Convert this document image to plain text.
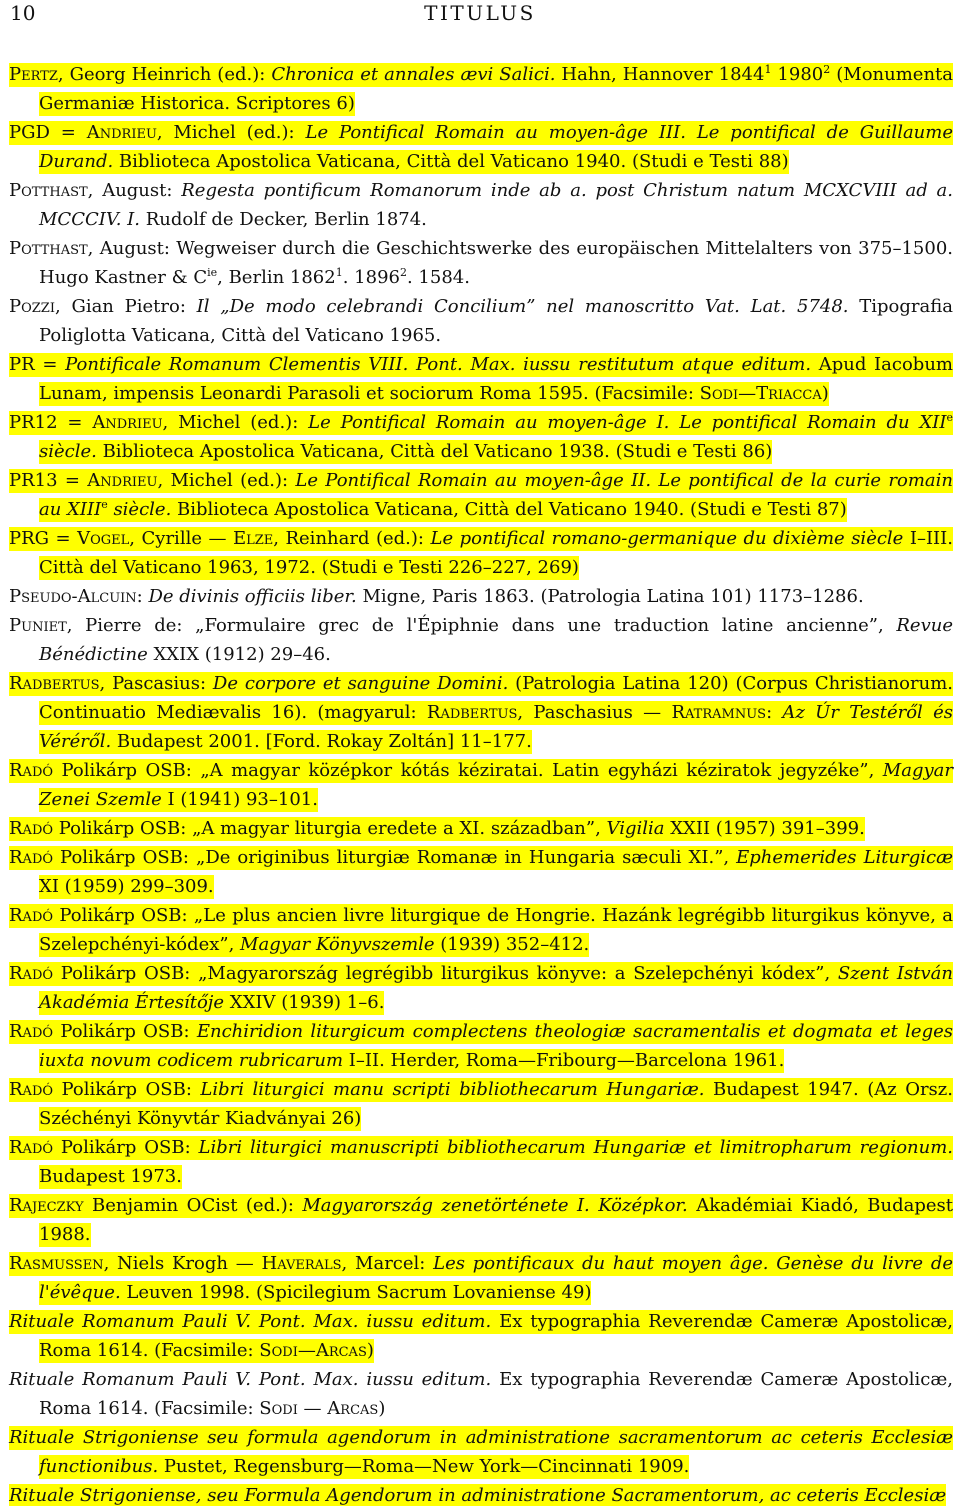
10	TITULUS

Pertz, Georg Heinrich (ed.): Chronica et annales ævi Salici. Hahn, Hannover 1844$^1$ 1980$^2$ (Monumenta Germaniæ Historica. Scriptores 6)

PGD = Andrieu, Michel (ed.): Le Pontifical Romain au moyen-âge III. Le pontifical de Guillaume Durand. Biblioteca Apostolica Vaticana, Città del Vaticano 1940. (Studi e Testi 88)

Potthast, August: Regesta pontificum Romanorum inde ab a. post Christum natum MCXCVIII ad a. MCCCIV. I. Rudolf de Decker, Berlin 1874.

Potthast, August: Wegweiser durch die Geschichtswerke des europäischen Mittelalters von 375–1500. Hugo Kastner & $C^{ie}$, Berlin 1862$^1$. 1896$^2$. 1584.

Pozzi, Gian Pietro: Il „De modo celebrandi Concilium” nel manoscritto Vat. Lat. 5748. Tipografia Poliglotta Vaticana, Città del Vaticano 1965.

PR = Pontificale Romanum Clementis VIII. Pont. Max. iussu restitutum atque editum. Apud Iacobum Lunam, impensis Leonardi Parasoli et sociorum Roma 1595. (Facsimile: Sodi—Triacca)

PR12 = Andrieu, Michel (ed.): Le Pontifical Romain au moyen-âge I. Le pontifical Romain du XIIe siècle. Biblioteca Apostolica Vaticana, Città del Vaticano 1938. (Studi e Testi 86)

PR13 = Andrieu, Michel (ed.): Le Pontifical Romain au moyen-âge II. Le pontifical de la curie romain au XIIIe siècle. Biblioteca Apostolica Vaticana, Città del Vaticano 1940. (Studi e Testi 87)

PRG = Vogel, Cyrille — Elze, Reinhard (ed.): Le pontifical romano-germanique du dixième siècle I–III. Città del Vaticano 1963, 1972. (Studi e Testi 226–227, 269)

Pseudo-Alcuin: De divinis officiis liber. Migne, Paris 1863. (Patrologia Latina 101) 1173–1286.

Puniet, Pierre de: „Formulaire grec de l'Épiphnie dans une traduction latine ancienne”, Revue Bénédictine XXIX (1912) 29–46.

Radbertus, Pascasius: De corpore et sanguine Domini. (Patrologia Latina 120) (Corpus Christianorum. Continuatio Mediævalis 16). (magyarul: Radbertus, Paschasius — Ratramnus: Az Úr Testéről és Véréről. Budapest 2001. [Ford. Rokay Zoltán] 11–177.

Radó Polikárp OSB: „A magyar középkor kótás kéziratai. Latin egyházi kéziratok jegyzéke”, Magyar Zenei Szemle I (1941) 93–101.

Radó Polikárp OSB: „A magyar liturgia eredete a XI. században”, Vigilia XXII (1957) 391–399.

Radó Polikárp OSB: „De originibus liturgiæ Romanæ in Hungaria sæculi XI.”, Ephemerides Liturgicæ XI (1959) 299–309.

Radó Polikárp OSB: „Le plus ancien livre liturgique de Hongrie. Hazánk legrégibb liturgikus könyve, a Szelepchényi-kódex”, Magyar Könyvszemle (1939) 352–412.

Radó Polikárp OSB: „Magyarország legrégibb liturgikus könyve: a Szelepchényi kódex”, Szent István Akadémia Értesítője XXIV (1939) 1–6.

Radó Polikárp OSB: Enchiridion liturgicum complectens theologiæ sacramentalis et dogmata et leges iuxta novum codicem rubricarum I–II. Herder, Roma—Fribourg—Barcelona 1961.

Radó Polikárp OSB: Libri liturgici manu scripti bibliothecarum Hungariæ. Budapest 1947. (Az Orsz. Széchényi Könyvtár Kiadványai 26)

Radó Polikárp OSB: Libri liturgici manuscripti bibliothecarum Hungariæ et limitropharum regionum. Budapest 1973.

Rajeczky Benjamin OCist (ed.): Magyarország zenetörténete I. Középkor. Akadémiai Kiadó, Budapest 1988.

Rasmussen, Niels Krogh — Haverals, Marcel: Les pontificaux du haut moyen âge. Genèse du livre de l'évêque. Leuven 1998. (Spicilegium Sacrum Lovaniense 49)

Rituale Romanum Pauli V. Pont. Max. iussu editum. Ex typographia Reverendæ Cameræ Apostolicæ, Roma 1614. (Facsimile: Sodi—Arcas)

Rituale Romanum Pauli V. Pont. Max. iussu editum. Ex typographia Reverendæ Cameræ Apostolicæ, Roma 1614. (Facsimile: Sodi — Arcas)

Rituale Strigoniense seu formula agendorum in administratione sacramentorum ac ceteris Ecclesiæ functionibus. Pustet, Regensburg—Roma—New York—Cincinnati 1909.

Rituale Strigoniense, seu Formula Agendorum in administratione Sacramentorum, ac ceteris Ecclesiæ
